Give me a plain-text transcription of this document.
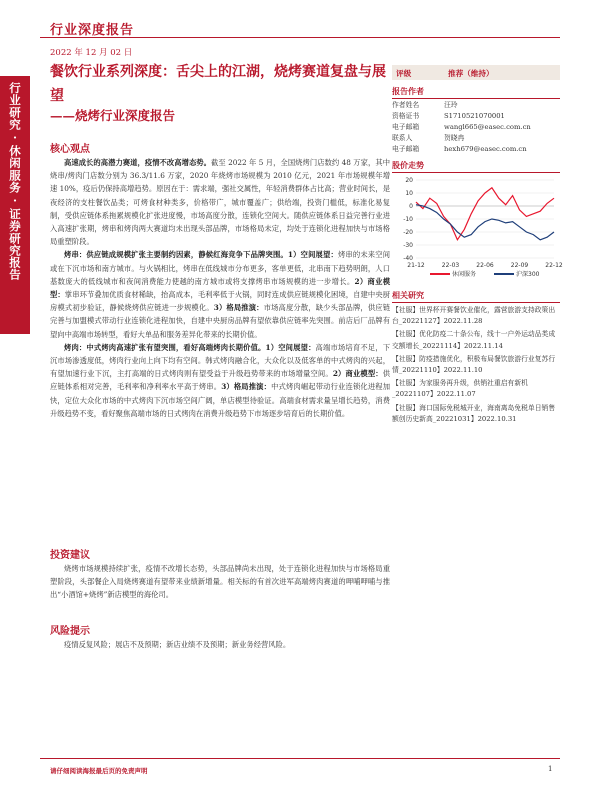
行业深度报告
2022 年 12 月 02 日
行业研究·休闲服务·证券研究报告
餐饮行业系列深度：舌尖上的江湖，烧烤赛道复盘与展望
——烧烤行业深度报告
核心观点
高速成长的高潜力赛道，疫情不改高增态势。截至 2022 年 5 月，全国烧烤门店数约 48 万家，其中烧串/烤肉门店数分别为 36.3/11.6 万家，2020 年烧烤市场规模为 2010 亿元，2021 年市场规模年增速 10%，疫后仍保持高增趋势。原因在于：需求端，强社交属性，年轻消费群体占比高；营业时间长，是夜经济的支柱餐饮品类；可烤食材种类多，价格带广，城市覆盖广；供给端，投资门槛低，标准化易复制，受供应链体系拖累规模化扩张进度慢，市场高度分散，连锁化空间大。随供应链体系日益完善行业进入高速扩张期，烤串和烤肉两大赛道均未出现头部品牌，市场格局未定，均处于连锁化进程加快与市场格局重塑阶段。
烤串：供应链成规模扩张主要制约因素，静候红海竞争下品牌突围。1）空间展望：烤串的未来空间或在下沉市场和南方城市。与火锅相比，烤串在低线城市分布更多，客单更低，北串南下趋势明朗，人口基数庞大的低线城市和夜间消费能力使越的南方城市或将支撑烤串市场规模的进一步增长。2）商业模型：掌串环节叠加优质食材稀缺，抬高成本，毛利率低于火锅，同时连成供应链规模化困境，自建中央厨房模式初步验证，静候烧烤供应链进一步规模化。3）格局推演：市场高度分散，缺少头部品牌，供应链完善与加盟模式带动行业连锁化进程加快，自建中央厨房品牌有望依靠供应链率先突围。前店后厂品牌有望向中高端市场转型，看好大单品和服务差异化带来的长期价值。
烤肉：中式烤肉高速扩张有望突围，看好高端烤肉长期价值。1）空间展望：高端市场培育不足，下沉市场渗透度低，烤肉行业向上向下均有空间。韩式烤肉融合化，大众化以及低客单的中式烤肉的兴起，有望加速行业下沉，主打高端的日式烤肉则有望受益于升级趋势带来的市场增量空间。2）商业模型：供应链体系相对完善，毛利率和净利率水平高于烤串。3）格局推演：中式烤肉崛起带动行业连锁化进程加快，定位大众化市场的中式烤肉下沉市场空间广阔，单店模型待验证。高端食材需求量呈增长趋势，消费升级趋势不变，看好聚焦高端市场的日式烤肉在消费升级趋势下市场逐步培育后的长期价值。
投资建议
烧烤市场规模持续扩张，疫情不改增长态势，头部品牌尚未出现，处于连锁化进程加快与市场格局重塑阶段，头部餐企入局烧烤赛道有望带来业绩新增量。相关标的有首次进军高端烤肉赛道的呷哺呷哺与推出“小酒馆+烧烤”新店模型的海伦司。
风险提示
疫情反复风险；展店不及预期；新店业绩不及预期；新业务经营风险。
评级	推荐（维持）
报告作者
作者姓名	汪玲
资格证书	S1710521070001
电子邮箱	wangl665@easec.com.cn
联系人	贺晓冉
电子邮箱	hexh679@easec.com.cn
股价走势
20
10
0
-10
-20
-30
-40
21-12	22-03	22-06	22-09	22-12
休闲服务	沪深300
相关研究
【社服】世界杯开赛餐饮业催化，露营旅游支持政策出台_20221127】2022.11.28
【社服】优化防疫二十条公布，线十一户外运动品类成交额增长_20221114】2022.11.14
【社服】防疫措施优化，积极布局餐饮旅游行业复苏行情_20221110】2022.11.10
【社服】为家服务再升级，供销社重启有新机_20221107】2022.11.07
【社服】海口国际免税城开业，海南离岛免税单日销售额创历史新高_20221031】2022.10.31
请仔细阅读海报最后页的免责声明	1
